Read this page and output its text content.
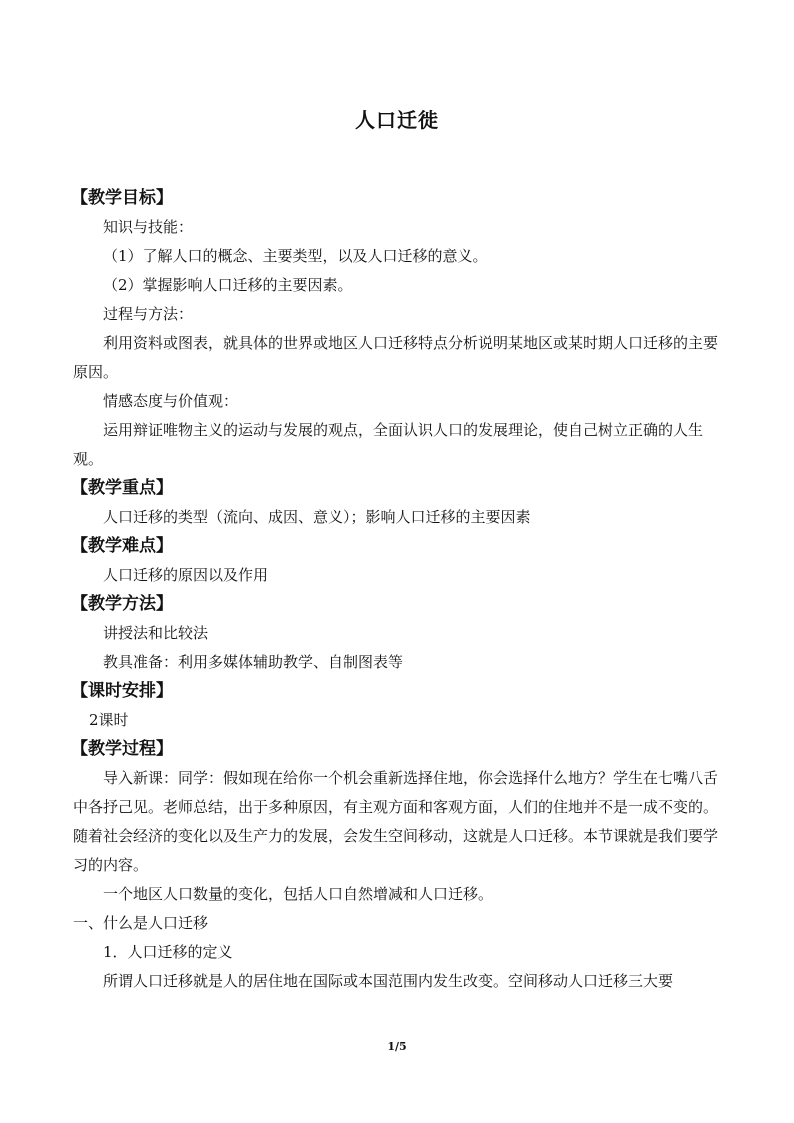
人口迁徙
【教学目标】

知识与技能：

（1）了解人口的概念、主要类型，以及人口迁移的意义。

（2）掌握影响人口迁移的主要因素。

过程与方法：

利用资料或图表，就具体的世界或地区人口迁移特点分析说明某地区或某时期人口迁移的主要原因。

情感态度与价值观：

运用辩证唯物主义的运动与发展的观点，全面认识人口的发展理论，使自己树立正确的人生观。

【教学重点】

人口迁移的类型（流向、成因、意义）；影响人口迁移的主要因素

【教学难点】

人口迁移的原因以及作用

【教学方法】

讲授法和比较法

教具准备：利用多媒体辅助教学、自制图表等

【课时安排】

2课时

【教学过程】

导入新课：同学：假如现在给你一个机会重新选择住地，你会选择什么地方？学生在七嘴八舌中各抒己见。老师总结，出于多种原因，有主观方面和客观方面，人们的住地并不是一成不变的。随着社会经济的变化以及生产力的发展，会发生空间移动，这就是人口迁移。本节课就是我们要学习的内容。

一个地区人口数量的变化，包括人口自然增减和人口迁移。

一、什么是人口迁移

1．人口迁移的定义

所谓人口迁移就是人的居住地在国际或本国范围内发生改变。空间移动人口迁移三大要

1/5
